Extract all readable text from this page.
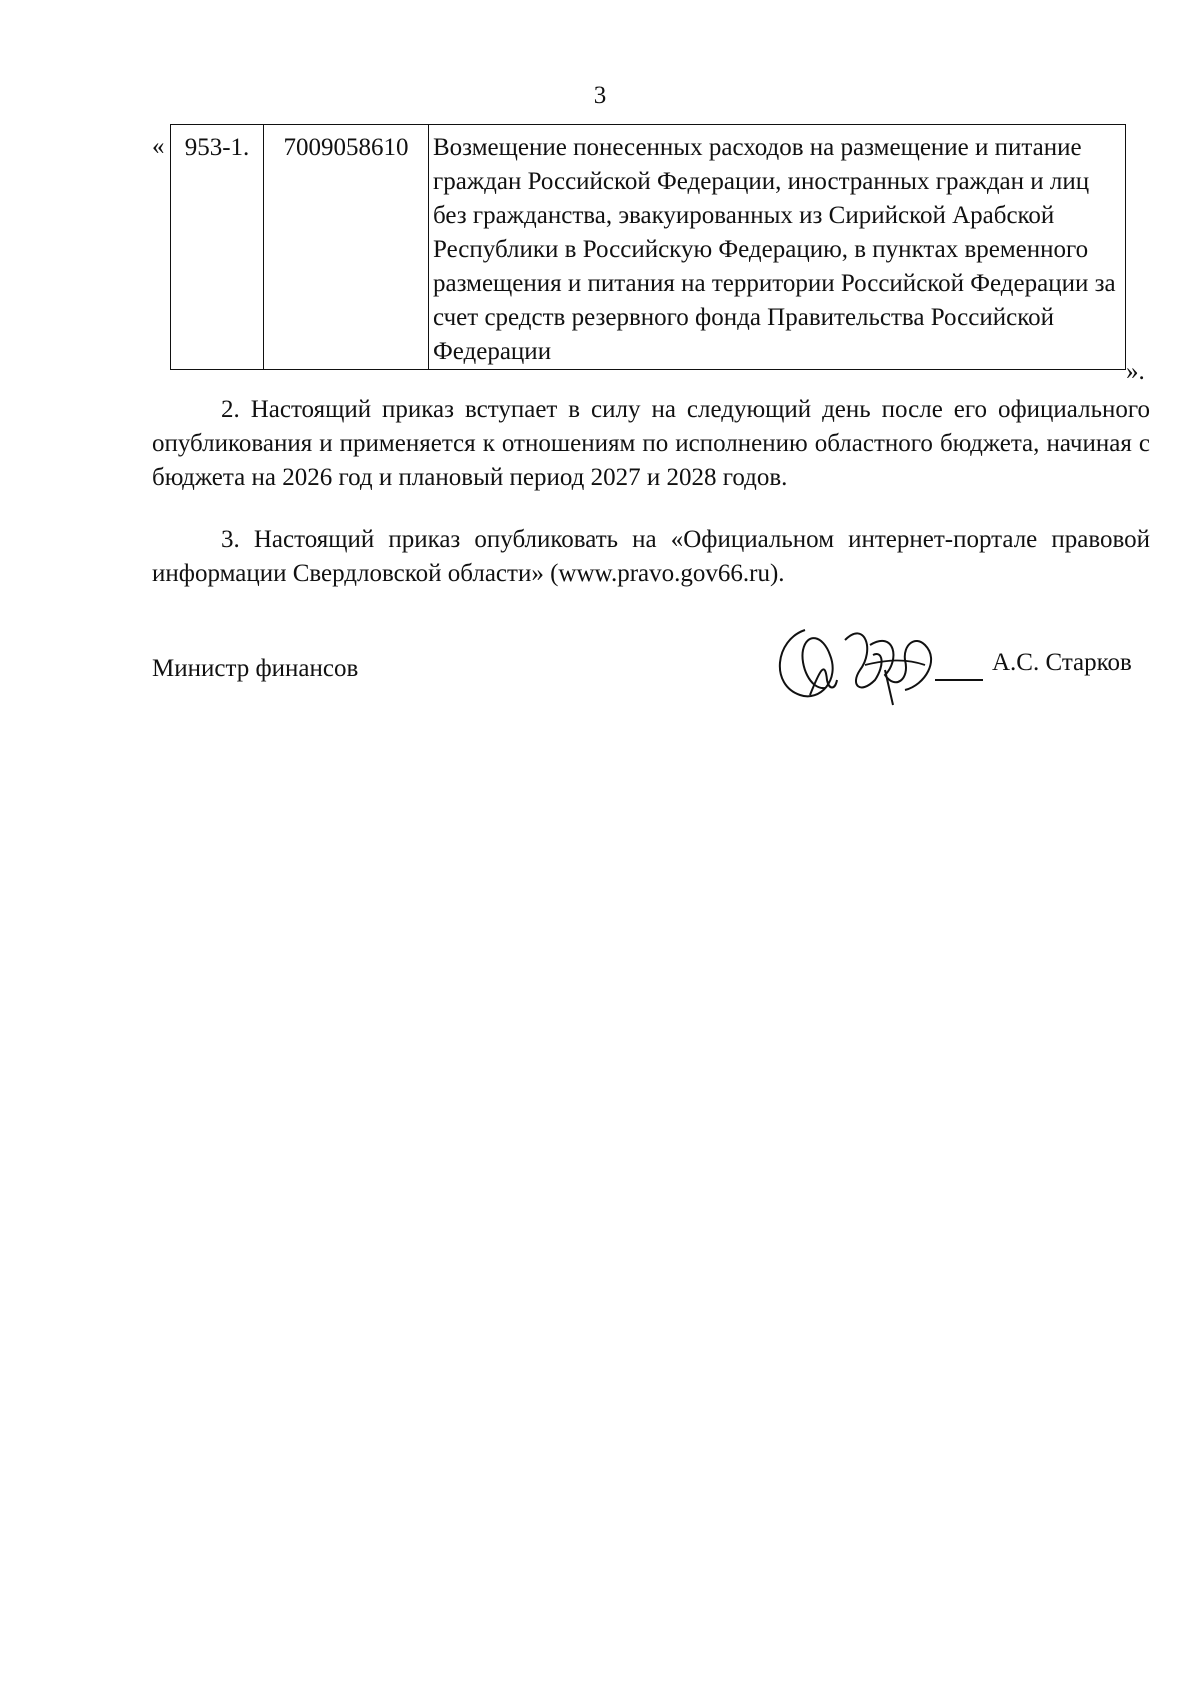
3
« 953-1.	7009058610	Возмещение понесенных расходов на размещение и питание граждан Российской Федерации, иностранных граждан и лиц без гражданства, эвакуированных из Сирийской Арабской Республики в Российскую Федерацию, в пунктах временного размещения и питания на территории Российской Федерации за счет средств резервного фонда Правительства Российской Федерации
».

2. Настоящий приказ вступает в силу на следующий день после его официального опубликования и применяется к отношениям по исполнению областного бюджета, начиная с бюджета на 2026 год и плановый период 2027 и 2028 годов.

3. Настоящий приказ опубликовать на «Официальном интернет-портале правовой информации Свердловской области» (www.pravo.gov66.ru).

Министр финансов	А.С. Старков
